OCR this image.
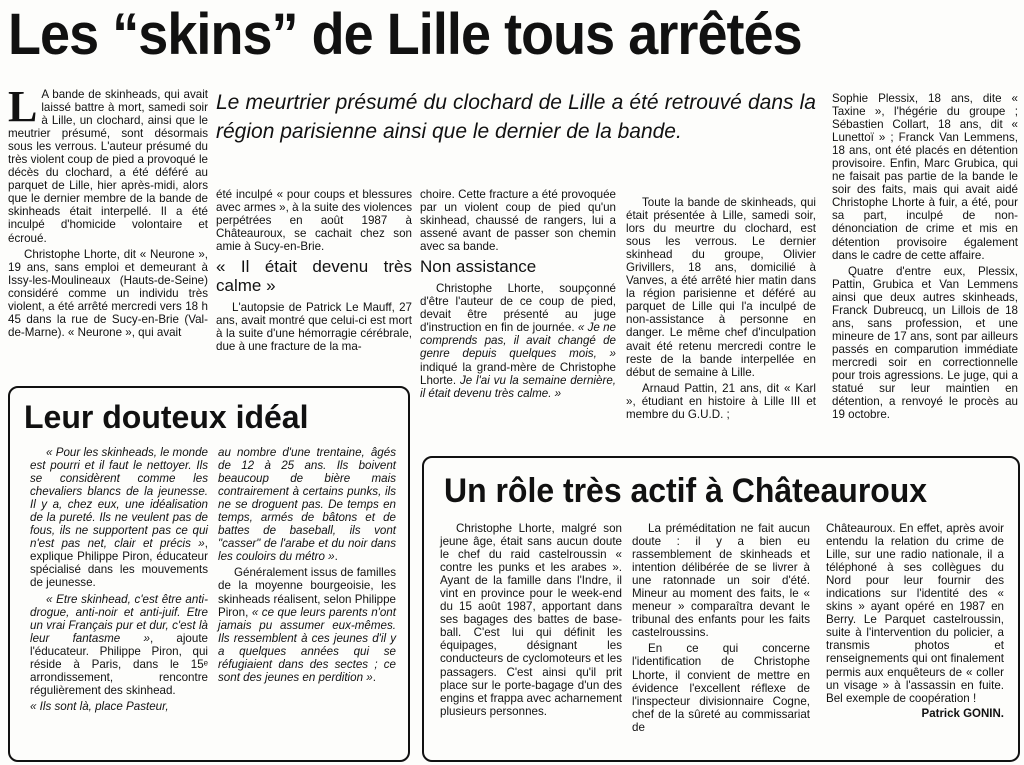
Les “skins” de Lille tous arrêtés
Le meurtrier présumé du clochard de Lille a été retrouvé dans la région parisienne ainsi que le dernier de la bande.

L A bande de skinheads, qui avait laissé battre à mort, samedi soir à Lille, un clochard, ainsi que le meutrier présumé, sont désormais sous les verrous. L'auteur présumé du très violent coup de pied a provoqué le décès du clochard, a été déféré au parquet de Lille, hier après-midi, alors que le dernier membre de la bande de skinheads était interpellé. Il a été inculpé d'homicide volontaire et écroué.

Christophe Lhorte, dit « Neurone », 19 ans, sans emploi et demeurant à Issy-les-Moulineaux (Hauts-de-Seine) considéré comme un individu très violent, a été arrêté mercredi vers 18 h 45 dans la rue de Sucy-en-Brie (Val-de-Marne). « Neurone », qui avait

été inculpé « pour coups et blessures avec armes », à la suite des violences perpétrées en août 1987 à Châteauroux, se cachait chez son amie à Sucy-en-Brie.

« Il était devenu très calme »

L'autopsie de Patrick Le Mauff, 27 ans, avait montré que celui-ci est mort à la suite d'une hémorragie cérébrale, due à une fracture de la ma-

choire. Cette fracture a été provoquée par un violent coup de pied qu'un skinhead, chaussé de rangers, lui a assené avant de passer son chemin avec sa bande.

Non assistance

Christophe Lhorte, soupçonné d'être l'auteur de ce coup de pied, devait être présenté au juge d'instruction en fin de journée. « Je ne comprends pas, il avait changé de genre depuis quelques mois, » indiqué la grand-mère de Christophe Lhorte. Je l'ai vu la semaine dernière, il était devenu très calme. »

Toute la bande de skinheads, qui était présentée à Lille, samedi soir, lors du meurtre du clochard, est sous les verrous. Le dernier skinhead du groupe, Olivier Grivillers, 18 ans, domicilié à Vanves, a été arrêté hier matin dans la région parisienne et déféré au parquet de Lille qui l'a inculpé de non-assistance à personne en danger. Le même chef d'inculpation avait été retenu mercredi contre le reste de la bande interpellée en début de semaine à Lille.

Arnaud Pattin, 21 ans, dit « Karl », étudiant en histoire à Lille III et membre du G.U.D. ;

Sophie Plessix, 18 ans, dite « Taxine », l'hégérie du groupe ; Sébastien Collart, 18 ans, dit « Lunettoï » ; Franck Van Lemmens, 18 ans, ont été placés en détention provisoire. Enfin, Marc Grubica, qui ne faisait pas partie de la bande le soir des faits, mais qui avait aidé Christophe Lhorte à fuir, a été, pour sa part, inculpé de non-dénonciation de crime et mis en détention provisoire également dans le cadre de cette affaire.

Quatre d'entre eux, Plessix, Pattin, Grubica et Van Lemmens ainsi que deux autres skinheads, Franck Dubreucq, un Lillois de 18 ans, sans profession, et une mineure de 17 ans, sont par ailleurs passés en comparution immédiate mercredi soir en correctionnelle pour trois agressions. Le juge, qui a statué sur leur maintien en détention, a renvoyé le procès au 19 octobre.

Leur douteux idéal

« Pour les skinheads, le monde est pourri et il faut le nettoyer. Ils se considèrent comme les chevaliers blancs de la jeunesse. Il y a, chez eux, une idéalisation de la pureté. Ils ne veulent pas de fous, ils ne supportent pas ce qui n'est pas net, clair et précis », explique Philippe Piron, éducateur spécialisé dans les mouvements de jeunesse.

« Etre skinhead, c'est être anti-drogue, anti-noir et anti-juif. Etre un vrai Français pur et dur, c'est là leur fantasme », ajoute l'éducateur. Philippe Piron, qui réside à Paris, dans le 15ᵉ arrondissement, rencontre régulièrement des skinhead.

« Ils sont là, place Pasteur,

au nombre d'une trentaine, âgés de 12 à 25 ans. Ils boivent beaucoup de bière mais contrairement à certains punks, ils ne se droguent pas. De temps en temps, armés de bâtons et de battes de baseball, ils vont "casser" de l'arabe et du noir dans les couloirs du métro ».

Généralement issus de familles de la moyenne bourgeoisie, les skinheads réalisent, selon Philippe Piron, « ce que leurs parents n'ont jamais pu assumer eux-mêmes. Ils ressemblent à ces jeunes d'il y a quelques années qui se réfugiaient dans des sectes ; ce sont des jeunes en perdition ».

Un rôle très actif à Châteauroux

Christophe Lhorte, malgré son jeune âge, était sans aucun doute le chef du raid castelroussin « contre les punks et les arabes ». Ayant de la famille dans l'Indre, il vint en province pour le week-end du 15 août 1987, apportant dans ses bagages des battes de base-ball. C'est lui qui définit les équipages, désignant les conducteurs de cyclomoteurs et les passagers. C'est ainsi qu'il prit place sur le porte-bagage d'un des engins et frappa avec acharnement plusieurs personnes.

La préméditation ne fait aucun doute : il y a bien eu rassemblement de skinheads et intention délibérée de se livrer à une ratonnade un soir d'été. Mineur au moment des faits, le « meneur » comparaîtra devant le tribunal des enfants pour les faits castelroussins.

En ce qui concerne l'identification de Christophe Lhorte, il convient de mettre en évidence l'excellent réflexe de l'inspecteur divisionnaire Cogne, chef de la sûreté au commissariat de

Châteauroux. En effet, après avoir entendu la relation du crime de Lille, sur une radio nationale, il a téléphoné à ses collègues du Nord pour leur fournir des indications sur l'identité des « skins » ayant opéré en 1987 en Berry. Le Parquet castelroussin, suite à l'intervention du policier, a transmis photos et renseignements qui ont finalement permis aux enquêteurs de « coller un visage » à l'assassin en fuite. Bel exemple de coopération !

Patrick GONIN.
